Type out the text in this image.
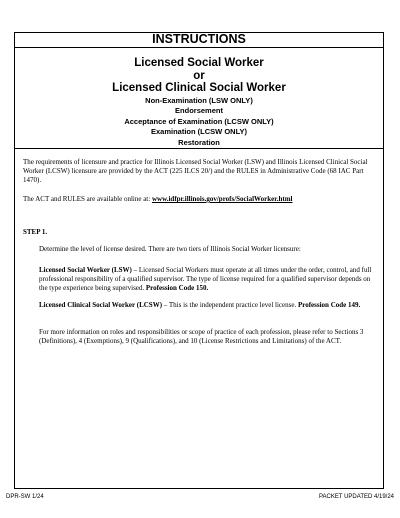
INSTRUCTIONS
Licensed Social Worker
or
Licensed Clinical Social Worker
Non-Examination (LSW ONLY)
Endorsement
Acceptance of Examination (LCSW ONLY)
Examination (LCSW ONLY)
Restoration

The requirements of licensure and practice for Illinois Licensed Social Worker (LSW) and Illinois Licensed Clinical Social Worker (LCSW) licensure are provided by the ACT (225 ILCS 20/) and the RULES in Administrative Code (68 IAC Part 1470).

The ACT and RULES are available online at: www.idfpr.illinois.gov/profs/SocialWorker.html

STEP 1.

Determine the level of license desired. There are two tiers of Illinois Social Worker licensure:

Licensed Social Worker (LSW) – Licensed Social Workers must operate at all times under the order, control, and full professional responsibility of a qualified supervisor. The type of license required for a qualified supervisor depends on the type experience being supervised. Profession Code 150.

Licensed Clinical Social Worker (LCSW) – This is the independent practice level license. Profession Code 149.

For more information on roles and responsibilities or scope of practice of each profession, please refer to Sections 3 (Definitions), 4 (Exemptions), 9 (Qualifications), and 10 (License Restrictions and Limitations) of the ACT.

DPR-SW 1/24	PACKET UPDATED 4/19/24
